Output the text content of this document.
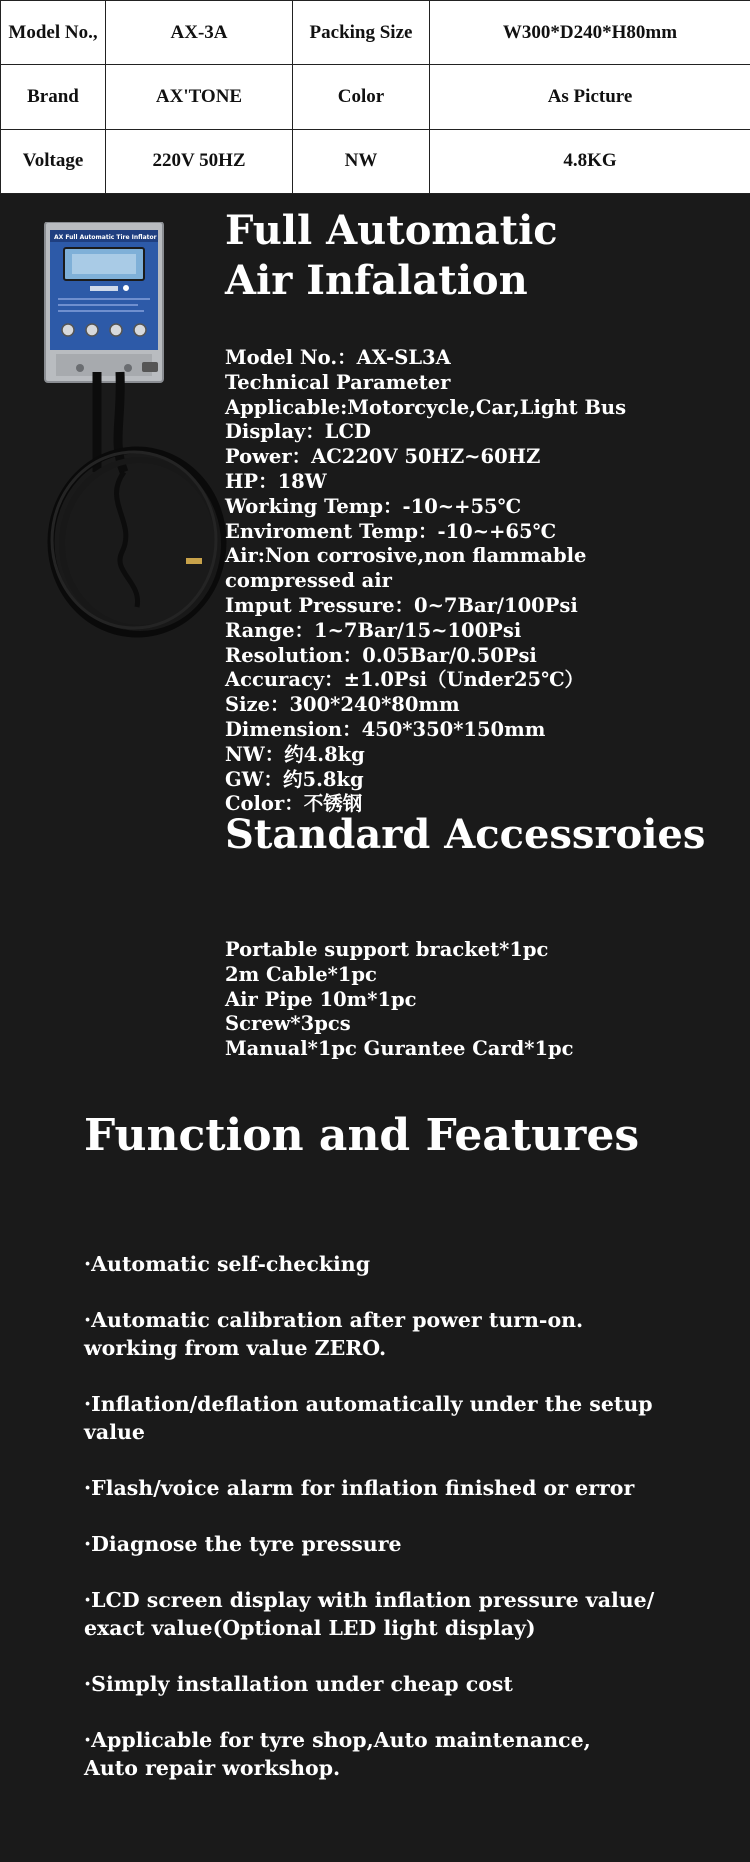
Model No.,	AX-3A	Packing Size	W300*D240*H80mm
Brand	AX'TONE	Color	As Picture
Voltage	220V 50HZ	NW	4.8KG
AX Full Automatic Tire Inflator Full Automatic
Air Infalation
Model No.：AX-SL3A
Technical Parameter
Applicable:Motorcycle,Car,Light Bus
Display：LCD
Power：AC220V 50HZ~60HZ
HP：18W
Working Temp：-10~+55℃
Enviroment Temp：-10~+65℃
Air:Non corrosive,non flammable
compressed air
Imput Pressure：0~7Bar/100Psi
Range：1~7Bar/15~100Psi
Resolution：0.05Bar/0.50Psi
Accuracy：±1.0Psi（Under25℃）
Size：300*240*80mm
Dimension：450*350*150mm
NW：约4.8kg
GW：约5.8kg
Color：不锈钢
Standard Accessroies
Portable support bracket*1pc
2m Cable*1pc
Air Pipe 10m*1pc
Screw*3pcs
Manual*1pc Gurantee Card*1pc
Function and Features
·Automatic self-checking
·Automatic calibration after power turn-on.
working from value ZERO.
·Inflation/deflation automatically under the setup
value
·Flash/voice alarm for inflation finished or error
·Diagnose the tyre pressure
·LCD screen display with inflation pressure value/
exact value(Optional LED light display)
·Simply installation under cheap cost
·Applicable for tyre shop,Auto maintenance,
Auto repair workshop.
